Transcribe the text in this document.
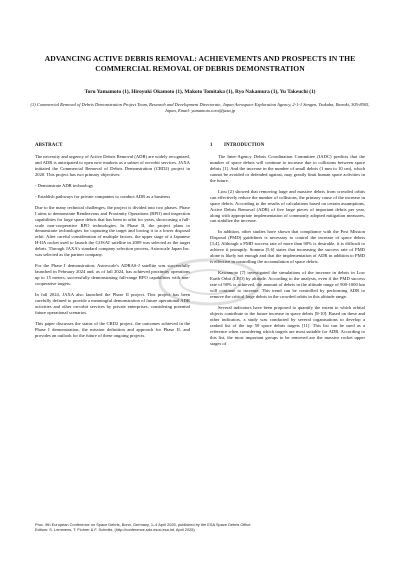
ADVANCING ACTIVE DEBRIS REMOVAL: ACHIEVEMENTS AND PROSPECTS IN THE COMMERCIAL REMOVAL OF DEBRIS DEMONSTRATION
Toru Yamamoto (1), Hiroyuki Okamoto (1), Makoto Tomitaka (1), Ryo Nakamura (1), Yu Takeuchi (1)
(1) Commercial Removal of Debris Demonstration Project Team, Research and Development Directorate, Japan Aerospace Exploration Agency, 2-1-1 Sengen, Tsukuba, Ibaraki, 305-8505, Japan, Email: yamamoto.toru@jaxa.jp
ABSTRACT

The necessity and urgency of Active Debris Removal (ADR) are widely recognized, and ADR is anticipated to open new markets as a subset of on-orbit services. JAXA initiated the Commercial Removal of Debris Demonstration (CRD2) project in 2020. This project has two primary objectives:

- Demonstrate ADR technology

- Establish pathways for private companies to conduct ADR as a business

Due to the many technical challenges, the project is divided into two phases. Phase I aims to demonstrate Rendezvous and Proximity Operations (RPO) and inspection capabilities for large space debris that has been in orbit for years, showcasing a full-scale non-cooperative RPO technologies. In Phase II, the project plans to demonstrate technologies for capturing the target and lowing it to a lower disposal orbit. After careful consideration of multiple factors, the upper stage of a Japanese H-IIA rocket used to launch the GOSAT satellite in 2009 was selected as the target debris. Through JAXA's standard company selection process, Astroscale Japan Inc. was selected as the partner company.

For the Phase I demonstration, Astroscale's ADRAS-J satellite was successfully launched in February 2024 and, as of fall 2024, has achieved proximity operations up to 15 meters, successfully demonstrating full-range RPO capabilities with non-cooperative targets.

In fall 2024, JAXA also launched the Phase II project. This project has been carefully defined to provide a meaningful demonstration of future operational ADR activities and other on-orbit services by private enterprises, considering potential future operational scenarios.

This paper discusses the status of the CRD2 project, the outcomes achieved in the Phase I demonstration, the mission definition and approach for Phase II, and provides an outlook for the future of these ongoing projects.

1 INTRODUCTION

The Inter-Agency Debris Coordination Committee (IADC) predicts that the number of space debris will continue to increase due to collisions between space debris [1]. And the increase in the number of small debris (1 mm to 10 cm), which cannot be avoided or defended against, may greatly limit human space activities in the future.

Liou [2] showed that removing large and massive debris from crowded orbits can effectively reduce the number of collisions, the primary cause of the increase in space debris. According to the results of calculations based on certain assumptions, Active Debris Removal (ADR) of five large pieces of important debris per year, along with appropriate implementation of commonly adopted mitigation measures, can stabilize the increase.

In addition, other studies have shown that compliance with the Post Mission Disposal (PMD) guidelines is necessary to control the increase of space debris [3,4]. Although a PMD success rate of more than 90% is desirable, it is difficult to achieve it promptly. Somma [5,6] states that increasing the success rate of PMD alone is likely not enough and that the implementation of ADR in addition to PMD is effective in controlling the accumulation of space debris.

Kawamoto [7] investigated the simulations of the increase in debris in Low Earth Orbit (LEO) by altitude. According to the analysis, even if the PMD success rate of 90% is achieved, the amount of debris in the altitude range of 900-1000 km will continue to increase. This trend can be controlled by performing ADR to remove the critical large debris in the crowded orbits in this altitude range.

Several indicators have been proposed to quantify the extent to which orbital objects contribute to the future increase in space debris [8-10]. Based on these and other indicators, a study was conducted by several organisations to develop a ranked list of the top 50 space debris targets [11]. This list can be used as a reference when considering which targets are most suitable for ADR. According to this list, the most important groups to be removed are the massive rocket upper stages of

Proc. 9th European Conference on Space Debris, Bonn, Germany, 1–4 April 2025, published by the ESA Space Debris Office
Editors: S. Lemmens, T. Flohrer & F. Schmitz, (http://conference.sdo.esoc.esa.int, April 2025)
